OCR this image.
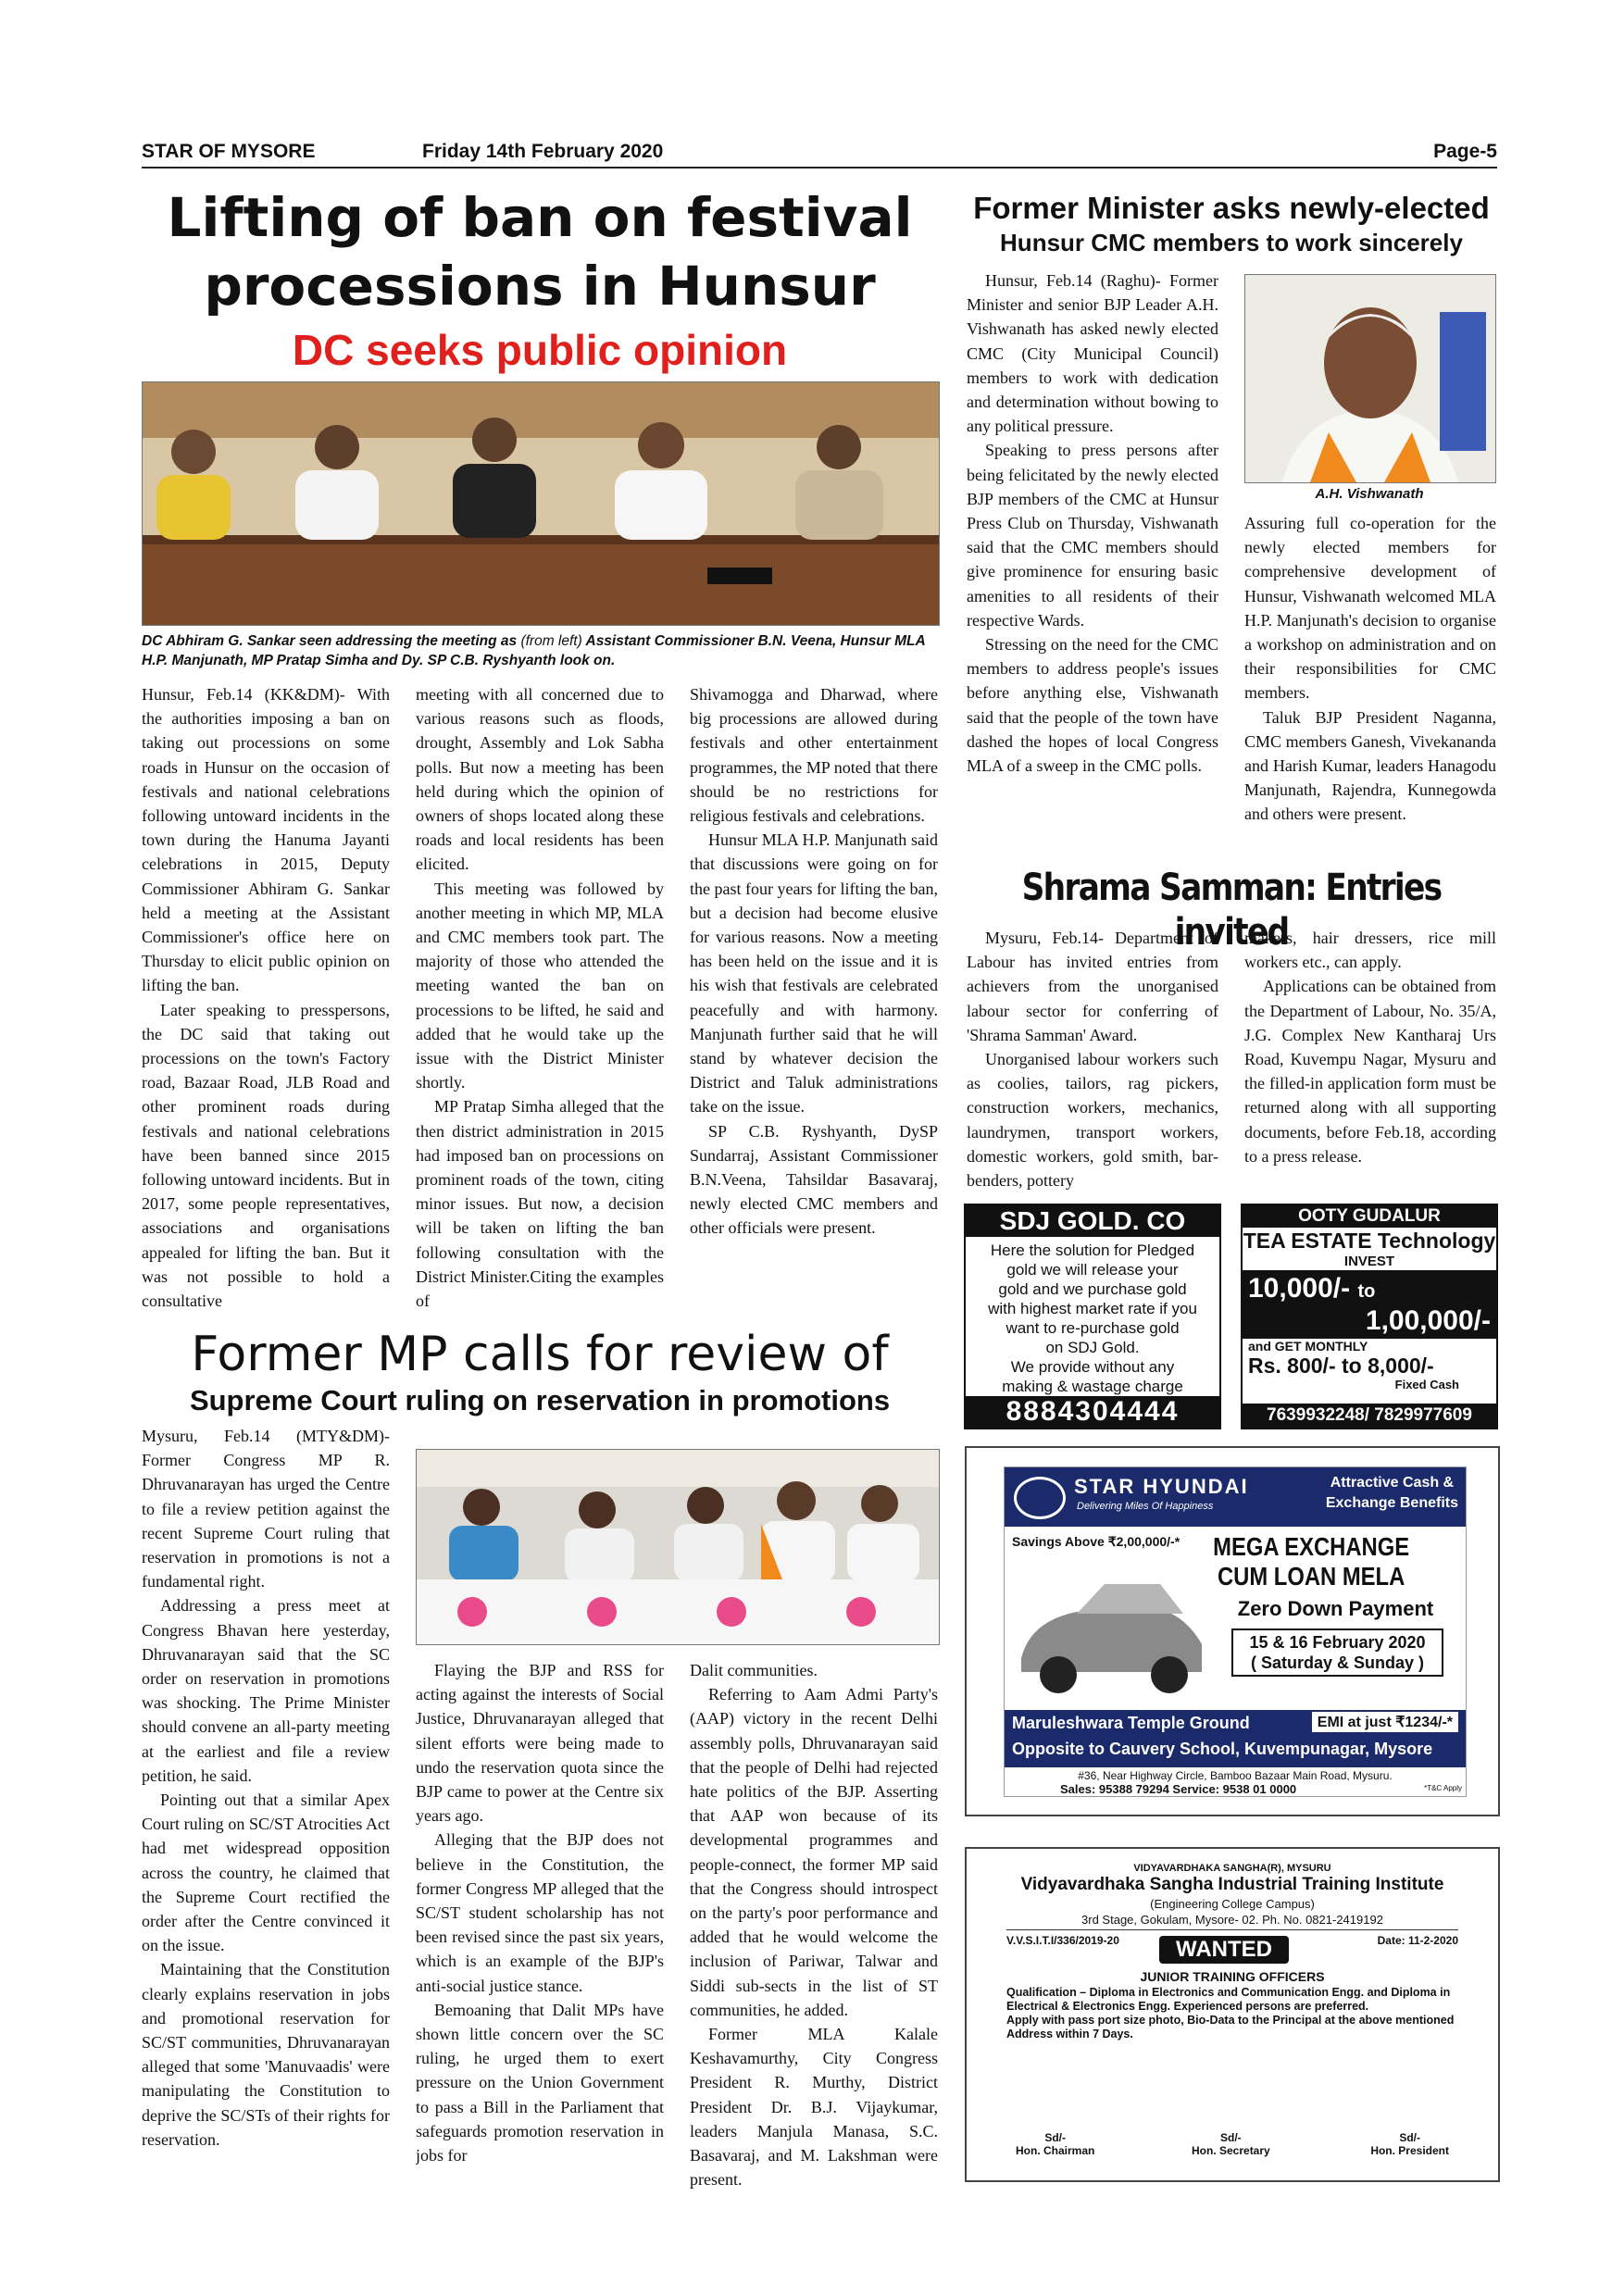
STAR OF MYSORE	Friday 14th February 2020	Page-5
Lifting of ban on festival
processions in Hunsur
DC seeks public opinion
DC Abhiram G. Sankar seen addressing the meeting as (from left) Assistant Commissioner B.N. Veena, Hunsur MLA H.P. Manjunath, MP Pratap Simha and Dy. SP C.B. Ryshyanth look on.

Hunsur, Feb.14 (KK&DM)- With the authorities imposing a ban on taking out processions on some roads in Hunsur on the occasion of festivals and national celebrations following untoward incidents in the town during the Hanuma Jayanti celebrations in 2015, Deputy Commissioner Abhiram G. Sankar held a meeting at the Assistant Commissioner's office here on Thursday to elicit public opinion on lifting the ban.

Later speaking to presspersons, the DC said that taking out processions on the town's Factory road, Bazaar Road, JLB Road and other prominent roads during festivals and national celebrations have been banned since 2015 following untoward incidents. But in 2017, some people representatives, associations and organisations appealed for lifting the ban. But it was not possible to hold a consultative

meeting with all concerned due to various reasons such as floods, drought, Assembly and Lok Sabha polls. But now a meeting has been held during which the opinion of owners of shops located along these roads and local residents has been elicited.

This meeting was followed by another meeting in which MP, MLA and CMC members took part. The majority of those who attended the meeting wanted the ban on processions to be lifted, he said and added that he would take up the issue with the District Minister shortly.

MP Pratap Simha alleged that the then district administration in 2015 had imposed ban on processions on prominent roads of the town, citing minor issues. But now, a decision will be taken on lifting the ban following consultation with the District Minister.Citing the examples of

Shivamogga and Dharwad, where big processions are allowed during festivals and other entertainment programmes, the MP noted that there should be no restrictions for religious festivals and celebrations.

Hunsur MLA H.P. Manjunath said that discussions were going on for the past four years for lifting the ban, but a decision had become elusive for various reasons. Now a meeting has been held on the issue and it is his wish that festivals are celebrated peacefully and with harmony. Manjunath further said that he will stand by whatever decision the District and Taluk administrations take on the issue.

SP C.B. Ryshyanth, DySP Sundarraj, Assistant Commissioner B.N.Veena, Tahsildar Basavaraj, newly elected CMC members and other officials were present.

Former Minister asks newly-elected
Hunsur CMC members to work sincerely

Hunsur, Feb.14 (Raghu)- Former Minister and senior BJP Leader A.H. Vishwanath has asked newly elected CMC (City Municipal Council) members to work with dedication and determination without bowing to any political pressure.

Speaking to press persons after being felicitated by the newly elected BJP members of the CMC at Hunsur Press Club on Thursday, Vishwanath said that the CMC members should give prominence for ensuring basic amenities to all residents of their respective Wards.

Stressing on the need for the CMC members to address people's issues before anything else, Vishwanath said that the people of the town have dashed the hopes of local Congress MLA of a sweep in the CMC polls.

A.H. Vishwanath

Assuring full co-operation for the newly elected members for comprehensive development of Hunsur, Vishwanath welcomed MLA H.P. Manjunath's decision to organise a workshop on administration and on their responsibilities for CMC members.

Taluk BJP President Naganna, CMC members Ganesh, Vivekananda and Harish Kumar, leaders Hanagodu Manjunath, Rajendra, Kunnegowda and others were present.

Shrama Samman: Entries invited

Mysuru, Feb.14- Department of Labour has invited entries from achievers from the unorganised labour sector for conferring of 'Shrama Samman' Award.

Unorganised labour workers such as coolies, tailors, rag pickers, construction workers, mechanics, laundrymen, transport workers, domestic workers, gold smith, bar-benders, pottery

makers, hair dressers, rice mill workers etc., can apply.

Applications can be obtained from the Department of Labour, No. 35/A, J.G. Complex New Kantharaj Urs Road, Kuvempu Nagar, Mysuru and the filled-in application form must be returned along with all supporting documents, before Feb.18, according to a press release.

SDJ GOLD. CO
Here the solution for Pledged
gold we will release your
gold and we purchase gold
with highest market rate if you
want to re-purchase gold
on SDJ Gold.
We provide without any
making & wastage charge
8884304444
OOTY GUDALUR
TEA ESTATE Technology
INVEST
10,000/- to
1,00,000/-
and GET MONTHLY
Rs. 800/- to 8,000/-
Fixed Cash
7639932248/ 7829977609
Former MP calls for review of
Supreme Court ruling on reservation in promotions

Mysuru, Feb.14 (MTY&DM)- Former Congress MP R. Dhruvanarayan has urged the Centre to file a review petition against the recent Supreme Court ruling that reservation in promotions is not a fundamental right.

Addressing a press meet at Congress Bhavan here yesterday, Dhruvanarayan said that the SC order on reservation in promotions was shocking. The Prime Minister should convene an all-party meeting at the earliest and file a review petition, he said.

Pointing out that a similar Apex Court ruling on SC/ST Atrocities Act had met widespread opposition across the country, he claimed that the Supreme Court rectified the order after the Centre convinced it on the issue.

Maintaining that the Constitution clearly explains reservation in jobs and promotional reservation for SC/ST communities, Dhruvanarayan alleged that some 'Manuvaadis' were manipulating the Constitution to deprive the SC/STs of their rights for reservation.

Flaying the BJP and RSS for acting against the interests of Social Justice, Dhruvanarayan alleged that silent efforts were being made to undo the reservation quota since the BJP came to power at the Centre six years ago.

Alleging that the BJP does not believe in the Constitution, the former Congress MP alleged that the SC/ST student scholarship has not been revised since the past six years, which is an example of the BJP's anti-social justice stance.

Bemoaning that Dalit MPs have shown little concern over the SC ruling, he urged them to exert pressure on the Union Government to pass a Bill in the Parliament that safeguards promotion reservation in jobs for

Dalit communities.

Referring to Aam Admi Party's (AAP) victory in the recent Delhi assembly polls, Dhruvanarayan said that the people of Delhi had rejected hate politics of the BJP. Asserting that AAP won because of its developmental programmes and people-connect, the former MP said that the Congress should introspect on the party's poor performance and added that he would welcome the inclusion of Pariwar, Talwar and Siddi sub-sects in the list of ST communities, he added.

Former MLA Kalale Keshavamurthy, City Congress President R. Murthy, District President Dr. B.J. Vijaykumar, leaders Manjula Manasa, S.C. Basavaraj, and M. Lakshman were present.

STAR HYUNDAI
Delivering Miles Of Happiness
Attractive Cash &
Exchange Benefits
Savings Above ₹2,00,000/-*	MEGA EXCHANGE
CUM LOAN MELA
Zero Down Payment
15 & 16 February 2020
( Saturday & Sunday )
Maruleshwara Temple Ground	EMI at just ₹1234/-*
Opposite to Cauvery School, Kuvempunagar, Mysore
#36, Near Highway Circle, Bamboo Bazaar Main Road, Mysuru.
Sales: 95388 79294 Service: 9538 01 0000	*T&C Apply
VIDYAVARDHAKA SANGHA(R), MYSURU
Vidyavardhaka Sangha Industrial Training Institute
(Engineering College Campus)
3rd Stage, Gokulam, Mysore- 02. Ph. No. 0821-2419192
V.V.S.I.T.I/336/2019-20	WANTED	Date: 11-2-2020
JUNIOR TRAINING OFFICERS
Qualification – Diploma in Electronics and Communication Engg. and Diploma in Electrical & Electronics Engg. Experienced persons are preferred.
Apply with pass port size photo, Bio-Data to the Principal at the above mentioned Address within 7 Days.
Sd/-
Hon. Chairman
Sd/-
Hon. Secretary
Sd/-
Hon. President
